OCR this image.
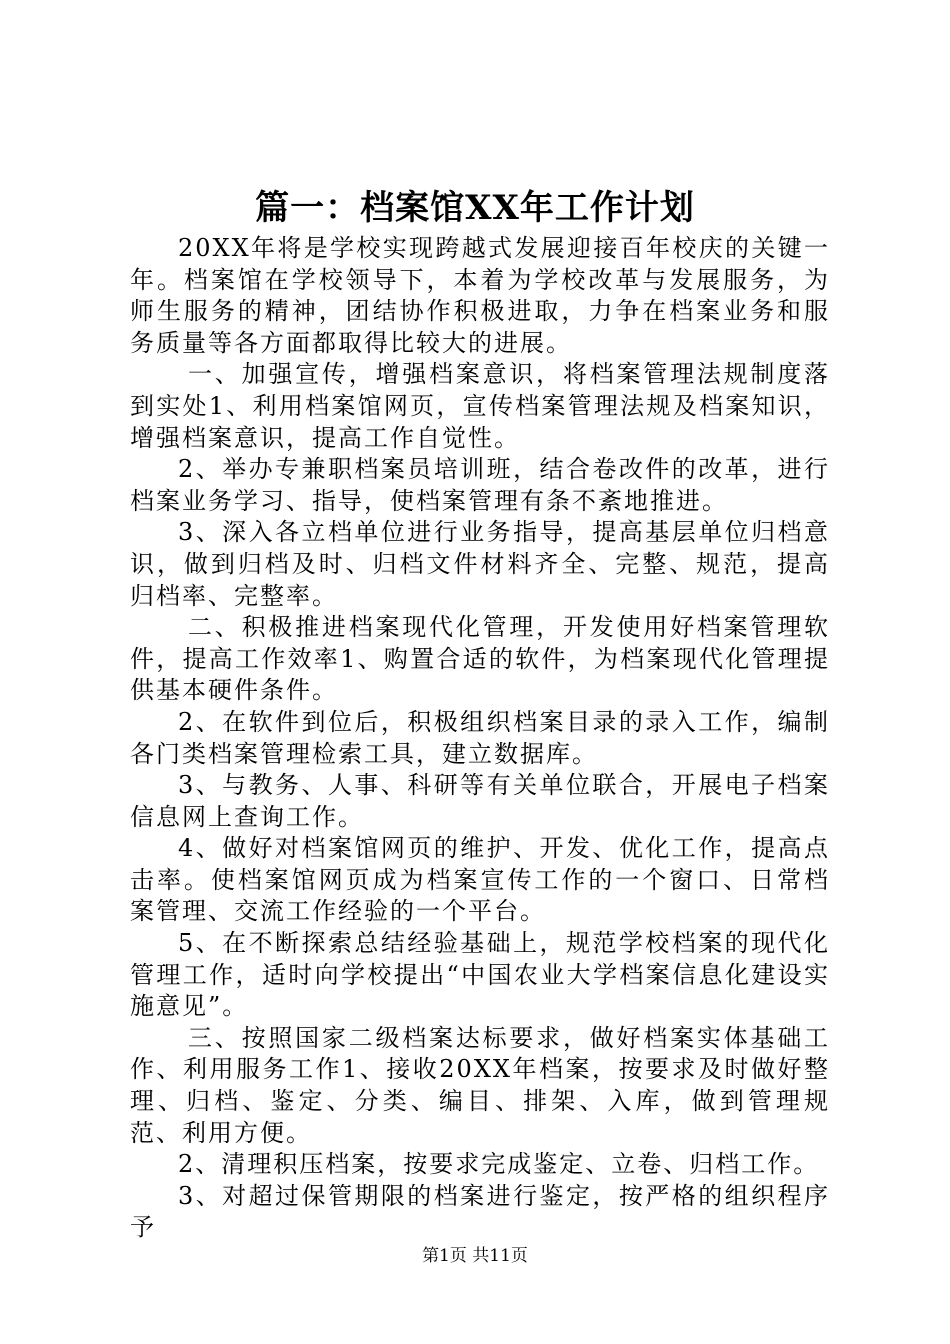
篇一：档案馆XX年工作计划

20XX年将是学校实现跨越式发展迎接百年校庆的关键一年。档案馆在学校领导下，本着为学校改革与发展服务，为师生服务的精神，团结协作积极进取，力争在档案业务和服务质量等各方面都取得比较大的进展。

一、加强宣传，增强档案意识，将档案管理法规制度落到实处1、利用档案馆网页，宣传档案管理法规及档案知识，增强档案意识，提高工作自觉性。

2、举办专兼职档案员培训班，结合卷改件的改革，进行档案业务学习、指导，使档案管理有条不紊地推进。

3、深入各立档单位进行业务指导，提高基层单位归档意识，做到归档及时、归档文件材料齐全、完整、规范，提高归档率、完整率。

二、积极推进档案现代化管理，开发使用好档案管理软件，提高工作效率1、购置合适的软件，为档案现代化管理提供基本硬件条件。

2、在软件到位后，积极组织档案目录的录入工作，编制各门类档案管理检索工具，建立数据库。

3、与教务、人事、科研等有关单位联合，开展电子档案信息网上查询工作。

4、做好对档案馆网页的维护、开发、优化工作，提高点击率。使档案馆网页成为档案宣传工作的一个窗口、日常档案管理、交流工作经验的一个平台。

5、在不断探索总结经验基础上，规范学校档案的现代化管理工作，适时向学校提出“中国农业大学档案信息化建设实施意见”。

三、按照国家二级档案达标要求，做好档案实体基础工作、利用服务工作1、接收20XX年档案，按要求及时做好整理、归档、鉴定、分类、编目、排架、入库，做到管理规范、利用方便。

2、清理积压档案，按要求完成鉴定、立卷、归档工作。

3、对超过保管期限的档案进行鉴定，按严格的组织程序予

第1页 共11页
